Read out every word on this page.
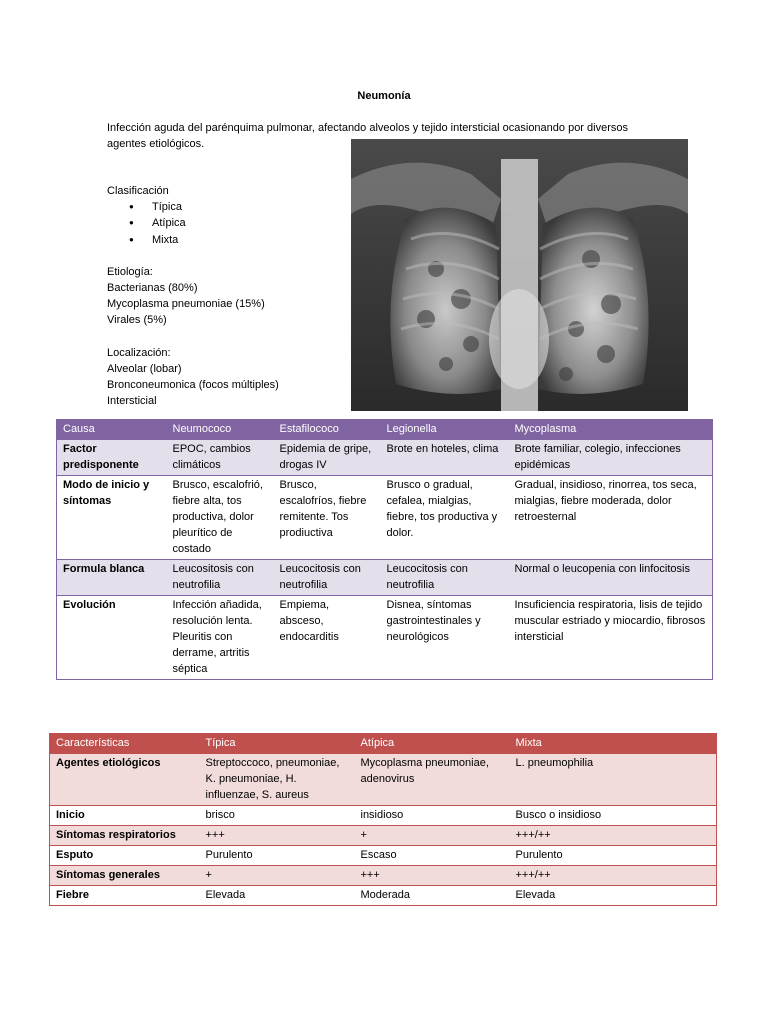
Neumonía
Infección aguda del parénquima pulmonar, afectando alveolos y tejido intersticial ocasionando por diversos agentes etiológicos.

Clasificación

● Típica
● Atípica
● Mixta

Etiología:

Bacterianas (80%)

Mycoplasma pneumoniae (15%)

Virales (5%)

Localización:

Alveolar (lobar)

Bronconeumonica (focos múltiples)

Intersticial

Causa	Neumococo	Estafilococo	Legionella	Mycoplasma
Factor predisponente	EPOC, cambios climáticos	Epidemia de gripe, drogas IV	Brote en hoteles, clima	Brote familiar, colegio, infecciones epidémicas
Modo de inicio y síntomas	Brusco, escalofrió, fiebre alta, tos productiva, dolor pleurítico de costado	Brusco, escalofríos, fiebre remitente. Tos prodiuctiva	Brusco o gradual, cefalea, mialgias, fiebre, tos productiva y dolor.	Gradual, insidioso, rinorrea, tos seca, mialgias, fiebre moderada, dolor retroesternal
Formula blanca	Leucositosis con neutrofilia	Leucocitosis con neutrofilia	Leucocitosis con neutrofilia	Normal o leucopenia con linfocitosis
Evolución	Infección añadida, resolución lenta. Pleuritis con derrame, artritis séptica	Empiema, absceso, endocarditis	Disnea, síntomas gastrointestinales y neurológicos	Insuficiencia respiratoria, lisis de tejido muscular estriado y miocardio, fibrosos intersticial
Características	Típica	Atípica	Mixta
Agentes etiológicos	Streptoccoco, pneumoniae, K. pneumoniae, H. influenzae, S. aureus	Mycoplasma pneumoniae, adenovirus	L. pneumophilia
Inicio	brisco	insidioso	Busco o insidioso
Síntomas respiratorios	+++	+	+++/++
Esputo	Purulento	Escaso	Purulento
Síntomas generales	+	+++	+++/++
Fiebre	Elevada	Moderada	Elevada
